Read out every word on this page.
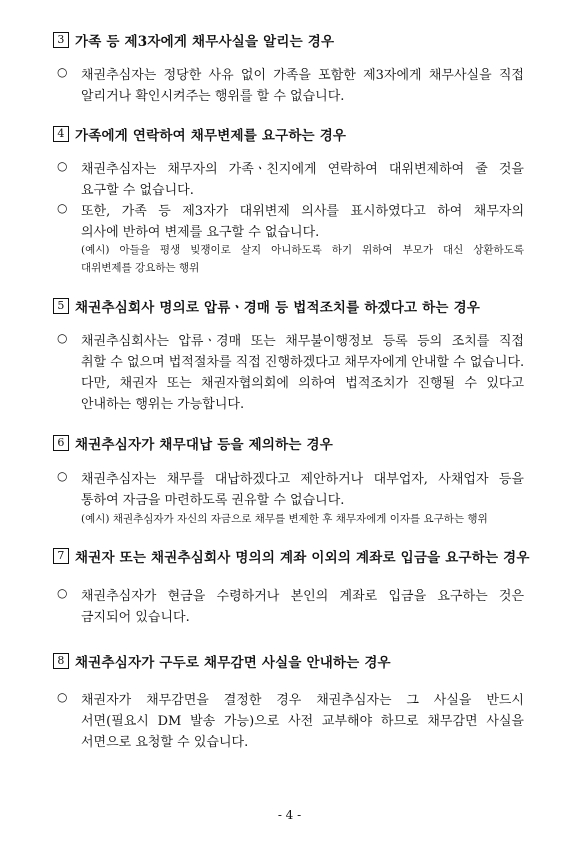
3 가족 등 제3자에게 채무사실을 알리는 경우
○ 채권추심자는 정당한 사유 없이 가족을 포함한 제3자에게 채무사실을 직접
알리거나 확인시켜주는 행위를 할 수 없습니다.
4 가족에게 연락하여 채무변제를 요구하는 경우
○ 채권추심자는 채무자의 가족ㆍ친지에게 연락하여 대위변제하여 줄 것을
요구할 수 없습니다.
○ 또한, 가족 등 제3자가 대위변제 의사를 표시하였다고 하여 채무자의
의사에 반하여 변제를 요구할 수 없습니다.
(예시) 아들을 평생 빚쟁이로 살지 아니하도록 하기 위하여 부모가 대신 상환하도록
대위변제를 강요하는 행위
5 채권추심회사 명의로 압류ㆍ경매 등 법적조치를 하겠다고 하는 경우
○ 채권추심회사는 압류ㆍ경매 또는 채무불이행정보 등록 등의 조치를 직접
취할 수 없으며 법적절차를 직접 진행하겠다고 채무자에게 안내할 수 없습니다.
다만, 채권자 또는 채권자협의회에 의하여 법적조치가 진행될 수 있다고
안내하는 행위는 가능합니다.
6 채권추심자가 채무대납 등을 제의하는 경우
○ 채권추심자는 채무를 대납하겠다고 제안하거나 대부업자, 사채업자 등을
통하여 자금을 마련하도록 권유할 수 없습니다.
(예시) 채권추심자가 자신의 자금으로 채무를 변제한 후 채무자에게 이자를 요구하는 행위
7 채권자 또는 채권추심회사 명의의 계좌 이외의 계좌로 입금을 요구하는 경우
○ 채권추심자가 현금을 수령하거나 본인의 계좌로 입금을 요구하는 것은
금지되어 있습니다.
8 채권추심자가 구두로 채무감면 사실을 안내하는 경우
○ 채권자가 채무감면을 결정한 경우 채권추심자는 그 사실을 반드시
서면(필요시 DM 발송 가능)으로 사전 교부해야 하므로 채무감면 사실을
서면으로 요청할 수 있습니다.
- 4 -
